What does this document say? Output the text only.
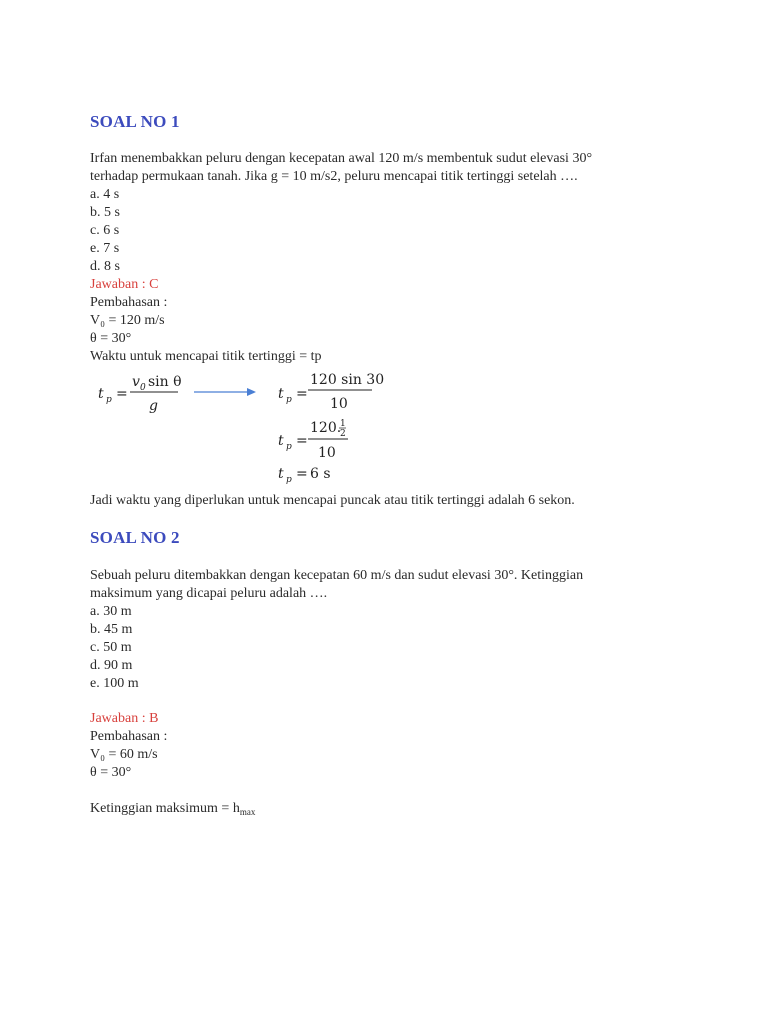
SOAL NO 1
Irfan menembakkan peluru dengan kecepatan awal 120 m/s membentuk sudut elevasi 30°
terhadap permukaan tanah. Jika g = 10 m/s2, peluru mencapai titik tertinggi setelah ….
a. 4 s
b. 5 s
c. 6 s
e. 7 s
d. 8 s
Jawaban : C
Pembahasan :
V₀ = 120 m/s
θ = 30°
Waktu untuk mencapai titik tertinggi = tp
t p =
v 0 sin θ
g
t p =
120 sin 30
10
t p =
120.
1
2
10
t p = 6 s
Jadi waktu yang diperlukan untuk mencapai puncak atau titik tertinggi adalah 6 sekon.
SOAL NO 2
Sebuah peluru ditembakkan dengan kecepatan 60 m/s dan sudut elevasi 30°. Ketinggian
maksimum yang dicapai peluru adalah ….
a. 30 m
b. 45 m
c. 50 m
d. 90 m
e. 100 m
Jawaban : B
Pembahasan :
V₀ = 60 m/s
θ = 30°
Ketinggian maksimum = $h_{max}$
